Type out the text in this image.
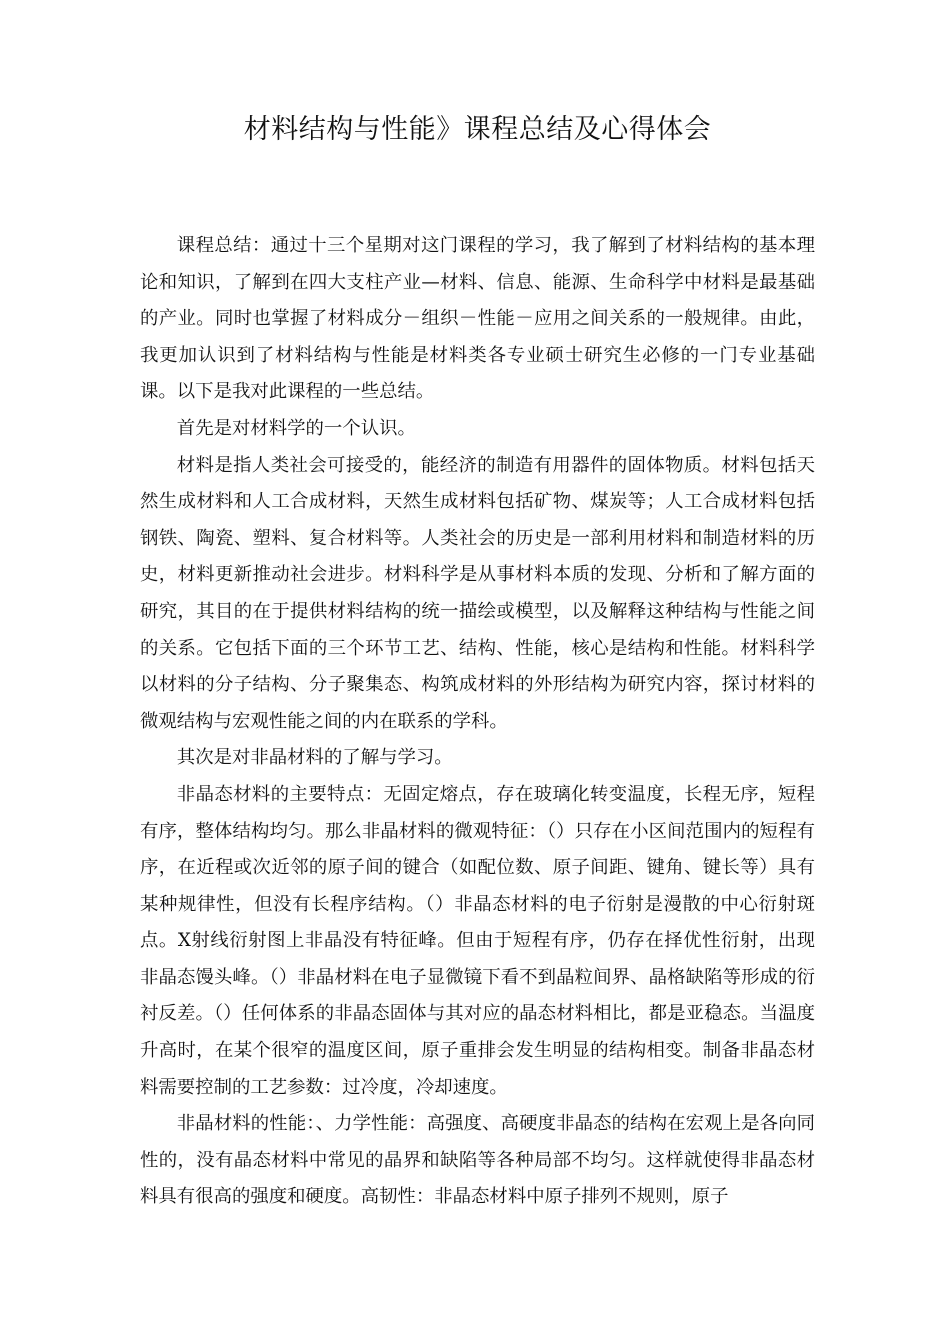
材料结构与性能》课程总结及心得体会

课程总结：通过十三个星期对这门课程的学习，我了解到了材料结构的基本理论和知识，了解到在四大支柱产业—材料、信息、能源、生命科学中材料是最基础的产业。同时也掌握了材料成分－组织－性能－应用之间关系的一般规律。由此，我更加认识到了材料结构与性能是材料类各专业硕士研究生必修的一门专业基础课。以下是我对此课程的一些总结。

首先是对材料学的一个认识。

材料是指人类社会可接受的，能经济的制造有用器件的固体物质。材料包括天然生成材料和人工合成材料，天然生成材料包括矿物、煤炭等；人工合成材料包括钢铁、陶瓷、塑料、复合材料等。人类社会的历史是一部利用材料和制造材料的历史，材料更新推动社会进步。材料科学是从事材料本质的发现、分析和了解方面的研究，其目的在于提供材料结构的统一描绘或模型，以及解释这种结构与性能之间的关系。它包括下面的三个环节工艺、结构、性能，核心是结构和性能。材料科学以材料的分子结构、分子聚集态、构筑成材料的外形结构为研究内容，探讨材料的微观结构与宏观性能之间的内在联系的学科。

其次是对非晶材料的了解与学习。

非晶态材料的主要特点：无固定熔点，存在玻璃化转变温度，长程无序，短程有序，整体结构均匀。那么非晶材料的微观特征：（）只存在小区间范围内的短程有序，在近程或次近邻的原子间的键合（如配位数、原子间距、键角、键长等）具有某种规律性，但没有长程序结构。（）非晶态材料的电子衍射是漫散的中心衍射斑点。X射线衍射图上非晶没有特征峰。但由于短程有序，仍存在择优性衍射，出现非晶态馒头峰。（）非晶材料在电子显微镜下看不到晶粒间界、晶格缺陷等形成的衍衬反差。（）任何体系的非晶态固体与其对应的晶态材料相比，都是亚稳态。当温度升高时，在某个很窄的温度区间，原子重排会发生明显的结构相变。制备非晶态材料需要控制的工艺参数：过冷度，冷却速度。

非晶材料的性能：、力学性能：高强度、高硬度非晶态的结构在宏观上是各向同性的，没有晶态材料中常见的晶界和缺陷等各种局部不均匀。这样就使得非晶态材料具有很高的强度和硬度。高韧性：非晶态材料中原子排列不规则，原子
